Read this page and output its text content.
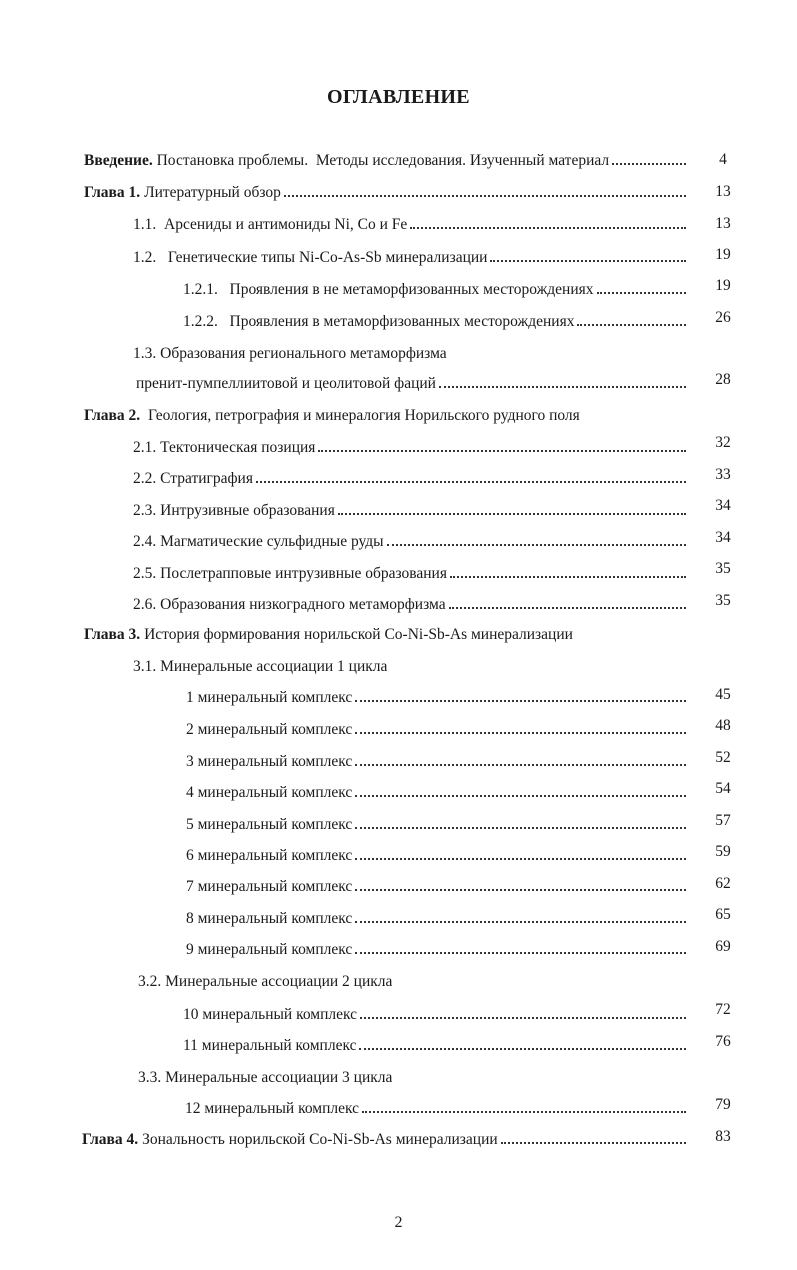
ОГЛАВЛЕНИЕ
Введение. Постановка проблемы.  Методы исследования. Изученный материал	4
Глава 1. Литературный обзор	13
1.1.  Арсениды и антимониды Ni, Co и Fe	13
1.2.   Генетические типы Ni-Co-As-Sb минерализации	19
1.2.1.   Проявления в не метаморфизованных месторождениях	19
1.2.2.   Проявления в метаморфизованных месторождениях	26
1.3. Образования регионального метаморфизма
пренит-пумпеллиитовой и цеолитовой фаций	28
Глава 2.  Геология, петрография и минералогия Норильского рудного поля
2.1. Тектоническая позиция	32
2.2. Стратиграфия	33
2.3. Интрузивные образования	34
2.4. Магматические сульфидные руды	34
2.5. Послетрапповые интрузивные образования	35
2.6. Образования низкоградного метаморфизма	35
Глава 3. История формирования норильской Co-Ni-Sb-As минерализации
3.1. Минеральные ассоциации 1 цикла
1 минеральный комплекс	45
2 минеральный комплекс	48
3 минеральный комплекс	52
4 минеральный комплекс	54
5 минеральный комплекс	57
6 минеральный комплекс	59
7 минеральный комплекс	62
8 минеральный комплекс	65
9 минеральный комплекс	69
3.2. Минеральные ассоциации 2 цикла
10 минеральный комплекс	72
11 минеральный комплекс	76
3.3. Минеральные ассоциации 3 цикла
12 минеральный комплекс	79
Глава 4. Зональность норильской Co-Ni-Sb-As минерализации	83
2
